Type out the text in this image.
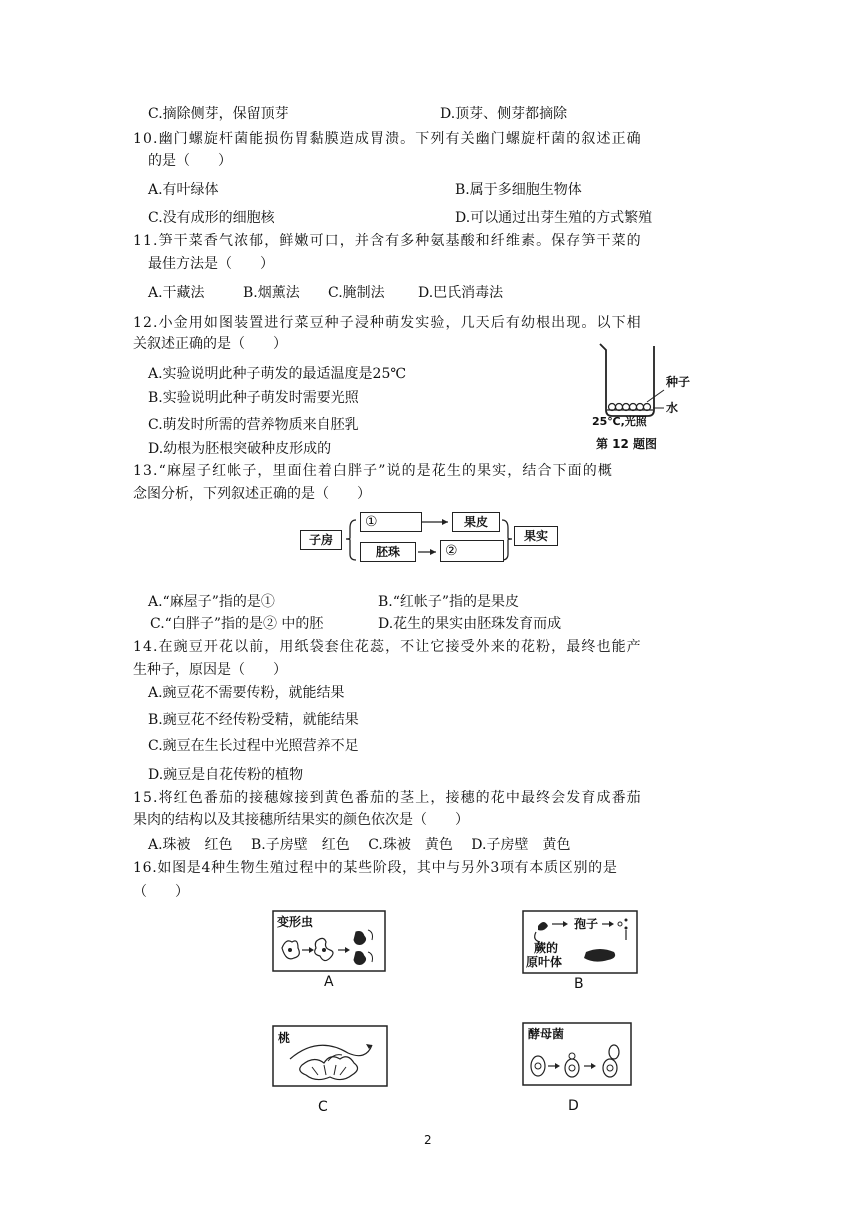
C.摘除侧芽，保留顶芽	D.顶芽、侧芽都摘除
10.幽门螺旋杆菌能损伤胃黏膜造成胃溃。下列有关幽门螺旋杆菌的叙述正确
的是（　　）
A.有叶绿体	B.属于多细胞生物体
C.没有成形的细胞核	D.可以通过出芽生殖的方式繁殖
11.笋干菜香气浓郁，鲜嫩可口，并含有多种氨基酸和纤维素。保存笋干菜的
最佳方法是（　　）
A.干藏法	B.烟薰法 C.腌制法 D.巴氏消毒法
12.小金用如图装置进行菜豆种子浸种萌发实验，几天后有幼根出现。以下相
关叙述正确的是（　　）
A.实验说明此种子萌发的最适温度是25℃
B.实验说明此种子萌发时需要光照
C.萌发时所需的营养物质来自胚乳
D.幼根为胚根突破种皮形成的
种子
水
25℃,光照
第 12 题图
13.“麻屋子红帐子，里面住着白胖子”说的是花生的果实，结合下面的概
念图分析，下列叙述正确的是（　　）
子房
①	果皮
胚珠	②
果实
A.“麻屋子”指的是①	B.“红帐子”指的是果皮
C.“白胖子”指的是② 中的胚	D.花生的果实由胚珠发育而成
14.在豌豆开花以前，用纸袋套住花蕊，不让它接受外来的花粉，最终也能产
生种子，原因是（　　）
A.豌豆花不需要传粉，就能结果
B.豌豆花不经传粉受精，就能结果
C.豌豆在生长过程中光照营养不足
D.豌豆是自花传粉的植物
15.将红色番茄的接穗嫁接到黄色番茄的茎上，接穗的花中最终会发育成番茄
果肉的结构以及其接穗所结果实的颜色依次是（　　）
A.珠被　红色　 B.子房壁　红色　 C.珠被　黄色　 D.子房壁　黄色
16.如图是4种生物生殖过程中的某些阶段，其中与另外3项有本质区别的是
（　　）
变形虫
A
孢子
蕨的
原叶体
B
桃
C
酵母菌
D
2
